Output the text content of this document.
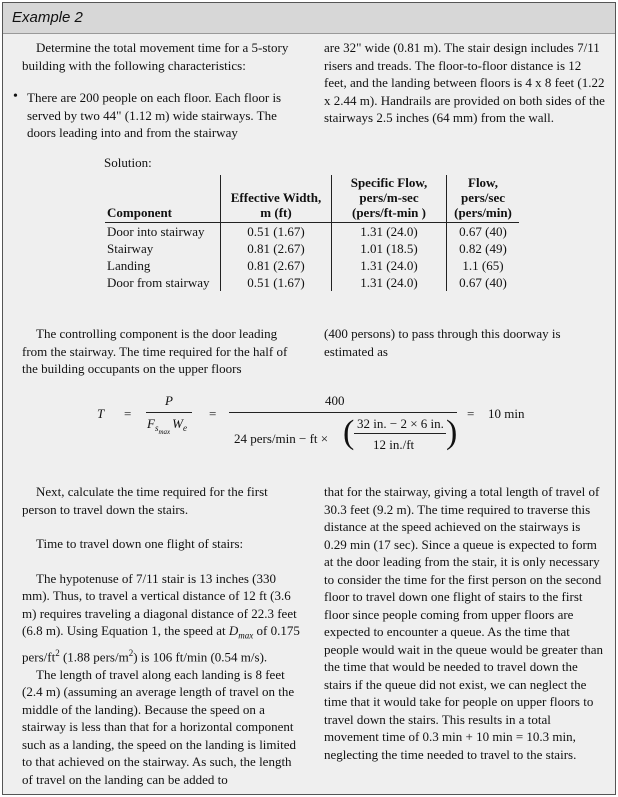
Example 2

Determine the total movement time for a 5-story building with the following characteristics:

• There are 200 people on each floor. Each floor is served by two 44" (1.12 m) wide stairways. The doors leading into and from the stairway

are 32" wide (0.81 m). The stair design includes 7/11 risers and treads. The floor-to-floor distance is 12 feet, and the landing between floors is 4 x 8 feet (1.22 x 2.44 m). Handrails are provided on both sides of the stairways 2.5 inches (64 mm) from the wall.

Solution:
Component	Effective Width, m (ft)	Specific Flow, pers/m-sec (pers/ft-min )	Flow, pers/sec (pers/min)
Door into stairway	0.51 (1.67)	1.31 (24.0)	0.67 (40)
Stairway	0.81 (2.67)	1.01 (18.5)	0.82 (49)
Landing	0.81 (2.67)	1.31 (24.0)	1.1 (65)
Door from stairway	0.51 (1.67)	1.31 (24.0)	0.67 (40)

The controlling component is the door leading from the stairway. The time required for the half of the building occupants on the upper floors

(400 persons) to pass through this doorway is estimated as

T =
P
$F_{smax}W_e$
=
400
24 pers/min − ft × ( 32 in. − 2 × 6 in.
12 in./ft )
= 10 min

Next, calculate the time required for the first person to travel down the stairs.

Time to travel down one flight of stairs:

The hypotenuse of 7/11 stair is 13 inches (330 mm). Thus, to travel a vertical distance of 12 ft (3.6 m) requires traveling a diagonal distance of 22.3 feet (6.8 m). Using Equation 1, the speed at $D_{max}$ of 0.175 pers/$ft^2$ (1.88 pers/$m^2$) is 106 ft/min (0.54 m/s).

The length of travel along each landing is 8 feet (2.4 m) (assuming an average length of travel on the middle of the landing). Because the speed on a stairway is less than that for a horizontal component such as a landing, the speed on the landing is limited to that achieved on the stairway. As such, the length of travel on the landing can be added to

that for the stairway, giving a total length of travel of 30.3 feet (9.2 m). The time required to traverse this distance at the speed achieved on the stairways is 0.29 min (17 sec). Since a queue is expected to form at the door leading from the stair, it is only necessary to consider the time for the first person on the second floor to travel down one flight of stairs to the first floor since people coming from upper floors are expected to encounter a queue. As the time that people would wait in the queue would be greater than the time that would be needed to travel down the stairs if the queue did not exist, we can neglect the time that it would take for people on upper floors to travel down the stairs. This results in a total movement time of 0.3 min + 10 min = 10.3 min, neglecting the time needed to travel to the stairs.
